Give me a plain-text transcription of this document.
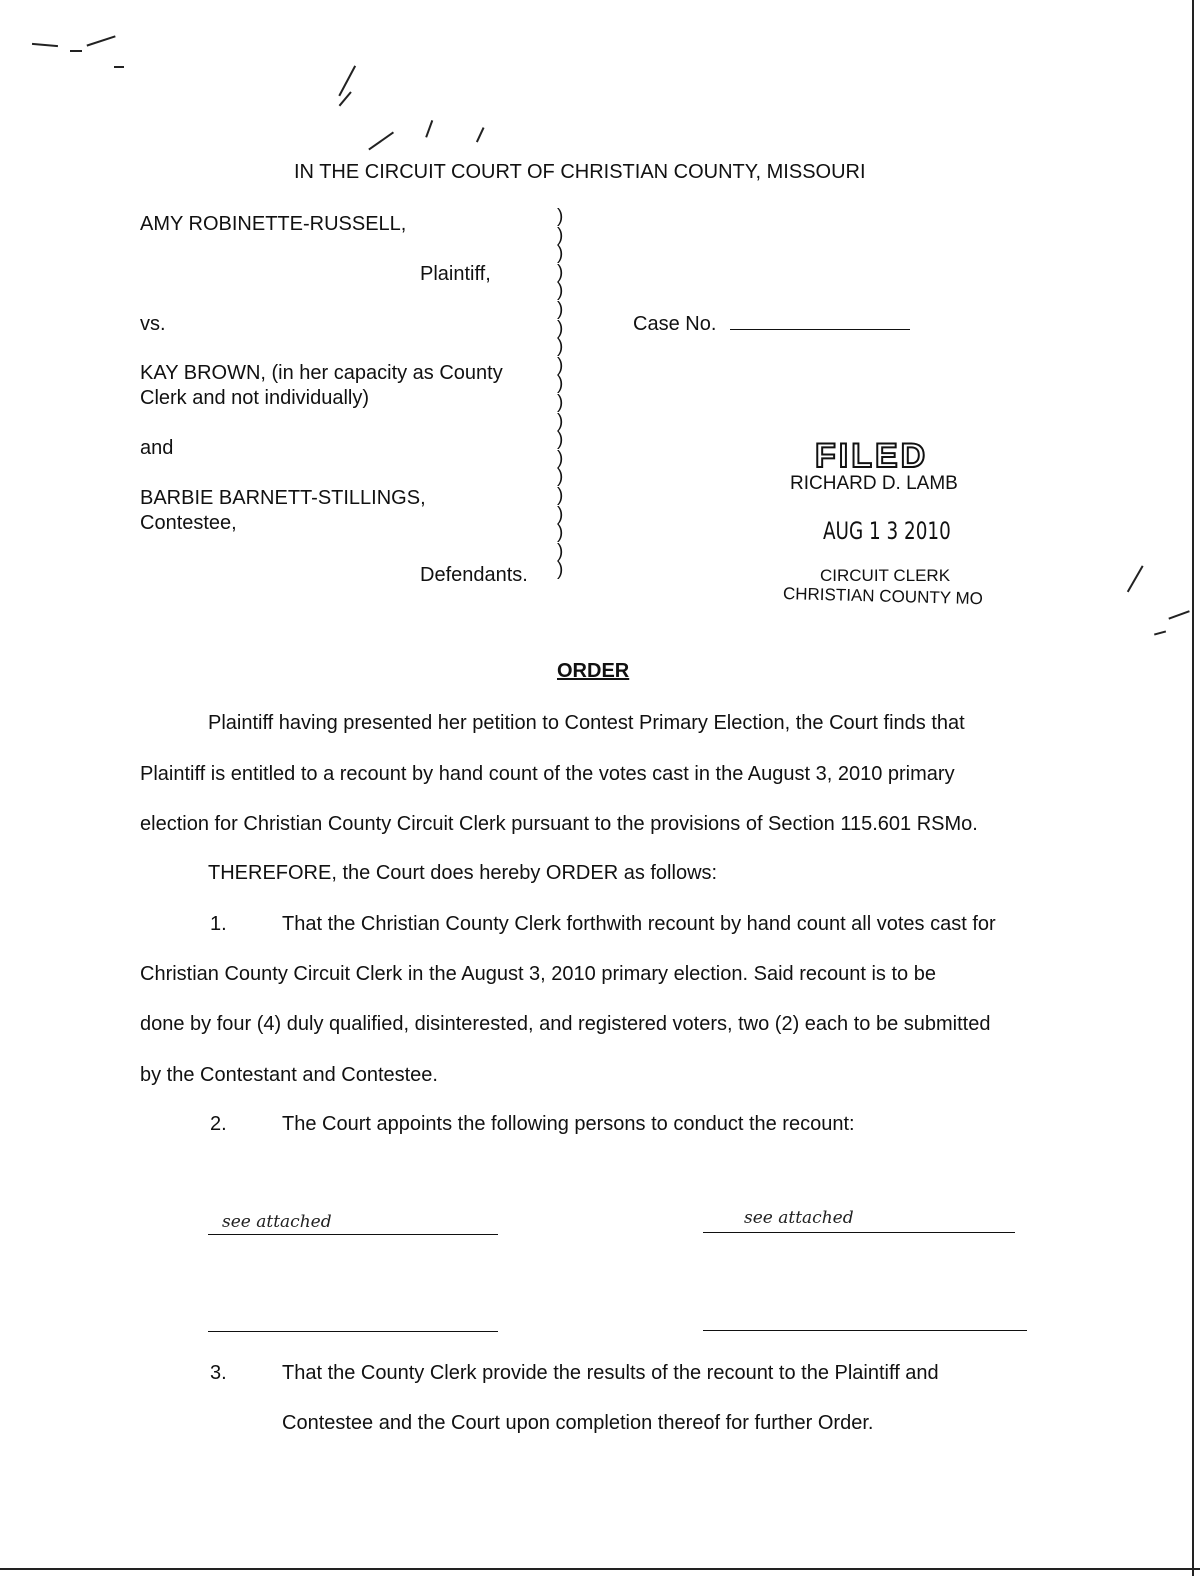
IN THE CIRCUIT COURT OF CHRISTIAN COUNTY, MISSOURI
AMY ROBINETTE-RUSSELL,
Plaintiff,
vs.
KAY BROWN, (in her capacity as County
Clerk and not individually)
and
BARBIE BARNETT-STILLINGS,
Contestee,
Defendants.
)
)
)
)
)
)
)
)
)
)
)
)
)
)
)
)
)
)
)
)
Case No.
FILED
RICHARD D. LAMB
AUG 1 3 2010
CIRCUIT CLERK
CHRISTIAN COUNTY MO
ORDER
Plaintiff having presented her petition to Contest Primary Election, the Court finds that
Plaintiff is entitled to a recount by hand count of the votes cast in the August 3, 2010 primary
election for Christian County Circuit Clerk pursuant to the provisions of Section 115.601 RSMo.
THEREFORE, the Court does hereby ORDER as follows:
1.	That the Christian County Clerk forthwith recount by hand count all votes cast for
Christian County Circuit Clerk in the August 3, 2010 primary election. Said recount is to be
done by four (4) duly qualified, disinterested, and registered voters, two (2) each to be submitted
by the Contestant and Contestee.
2.	The Court appoints the following persons to conduct the recount:
see attached	see attached
3.	That the County Clerk provide the results of the recount to the Plaintiff and
Contestee and the Court upon completion thereof for further Order.
